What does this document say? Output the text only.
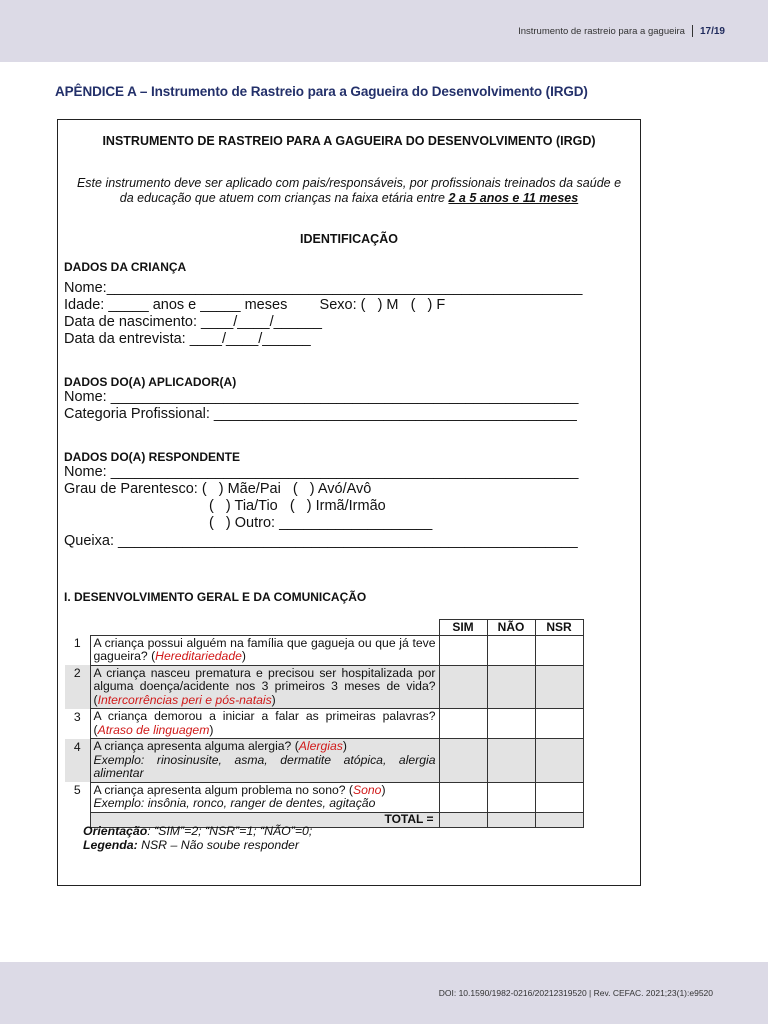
Instrumento de rastreio para a gagueira 17/19
APÊNDICE A – Instrumento de Rastreio para a Gagueira do Desenvolvimento (IRGD)
INSTRUMENTO DE RASTREIO PARA A GAGUEIRA DO DESENVOLVIMENTO (IRGD)
Este instrumento deve ser aplicado com pais/responsáveis, por profissionais treinados da saúde e
da educação que atuem com crianças na faixa etária entre 2 a 5 anos e 11 meses
IDENTIFICAÇÃO
DADOS DA CRIANÇA
Nome:___________________________________________________________
Idade: _____ anos e _____ meses        Sexo: (   ) M   (   ) F
Data de nascimento: ____/____/______
Data da entrevista: ____/____/______
DADOS DO(A) APLICADOR(A)
Nome: __________________________________________________________
Categoria Profissional: _____________________________________________
DADOS DO(A) RESPONDENTE
Nome: __________________________________________________________
Grau de Parentesco: (   ) Mãe/Pai   (   ) Avó/Avô
(   ) Tia/Tio   (   ) Irmã/Irmão
(   ) Outro: ___________________
Queixa: _________________________________________________________
I. DESENVOLVIMENTO GERAL E DA COMUNICAÇÃO
		SIM	NÃO	NSR
1	A criança possui alguém na família que gagueja ou que já teve gagueira? (Hereditariedade)			

2	A criança nasceu prematura e precisou ser hospitalizada por alguma doença/acidente nos 3 primeiros 3 meses de vida? (Intercorrências peri e pós-natais)			

3	A criança demorou a iniciar a falar as primeiras palavras? (Atraso de linguagem)			

4	A criança apresenta alguma alergia? (Alergias)
Exemplo: rinosinusite, asma, dermatite atópica, alergia alimentar			

5	A criança apresenta algum problema no sono? (Sono)
Exemplo: insônia, ronco, ranger de dentes, agitação			

	TOTAL =			
Orientação: “SIM”=2; “NSR”=1; “NÃO”=0;
Legenda: NSR – Não soube responder
DOI: 10.1590/1982-0216/20212319520 | Rev. CEFAC. 2021;23(1):e9520
